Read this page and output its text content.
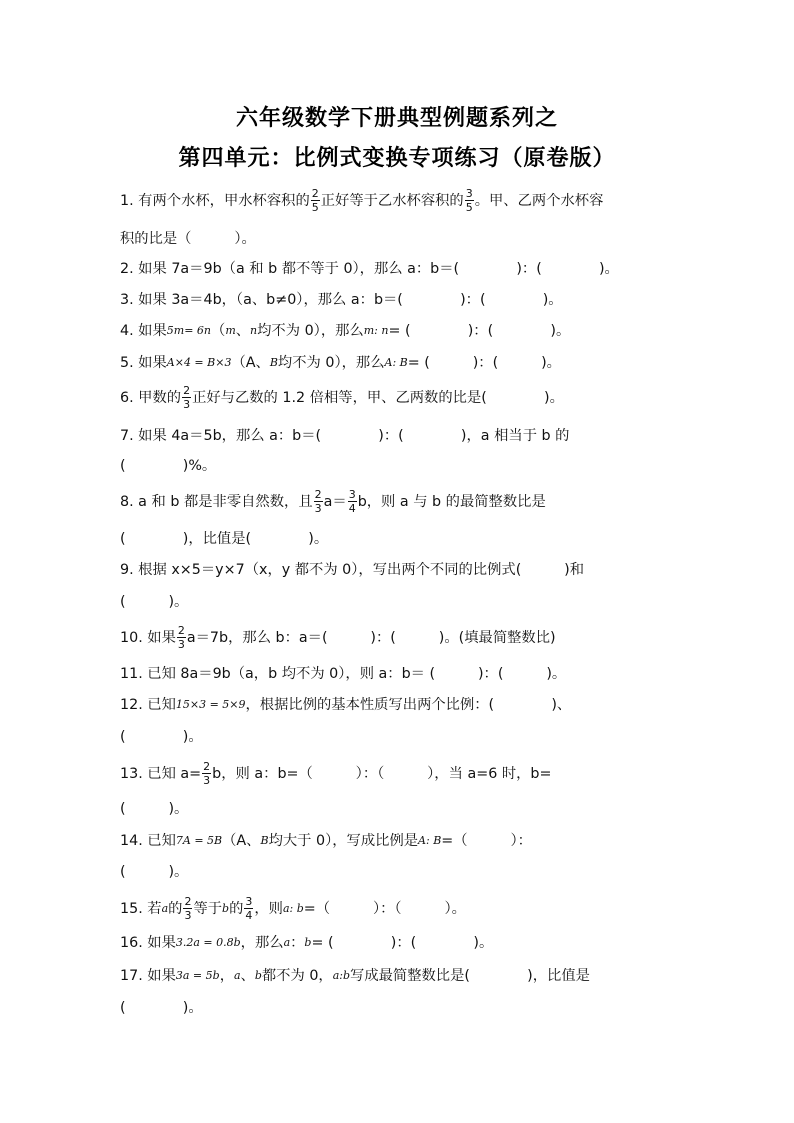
六年级数学下册典型例题系列之
第四单元：比例式变换专项练习（原卷版）
1. 有两个水杯，甲水杯容积的 $\frac{2}{5}$ 正好等于乙水杯容积的 $\frac{3}{5}$ 。甲、乙两个水杯容
积的比是（　　　）。
2. 如果 7a＝9b（a 和 b 都不等于 0），那么 a：b＝(　　　　)：(　　　　)。
3. 如果 3a＝4b，（a、b≠0），那么 a：b＝(　　　　)：(　　　　)。
4. 如果 5m= 6n （ m 、 n 均不为 0），那么 m: n = (　　　　)：(　　　　)。
5. 如果 A×4 = B×3 （A、 B 均不为 0），那么 A: B = (　　　)：(　　　)。
6. 甲数的 $\frac{2}{3}$ 正好与乙数的 1.2 倍相等，甲、乙两数的比是(　　　　)。
7. 如果 4a＝5b，那么 a：b＝(　　　　)：(　　　　)，a 相当于 b 的
(　　　　)%。
8. a 和 b 都是非零自然数，且 $\frac{2}{3} a= \frac{3}{4}$ b，则 a 与 b 的最简整数比是
(　　　　)，比值是(　　　　)。
9. 根据 x×5＝y×7（x，y 都不为 0），写出两个不同的比例式(　　　)和
(　　　)。
10. 如果 $\frac{2}{3} a=7b$，那么 b：a＝(　　　)：(　　　)。(填最简整数比)
11. 已知 8a＝9b（a，b 均不为 0），则 a：b＝ (　　　)：(　　　)。
12. 已知 15×3 = 5×9 ，根据比例的基本性质写出两个比例：(　　　　)、
(　　　　)。
13. 已知 $a= \frac{2}{3}$ b，则 a：b=（　　　）：（　　　），当 a=6 时，b=
(　　　)。
14. 已知 7A = 5B （A、 B 均大于 0），写成比例是 A: B =（　　　）：
(　　　)。
15. 若 a 的 $\frac{2}{3}$ 等于 b 的 $\frac{3}{4}$ ，则 a: b =（　　　）：（　　　）。
16. 如果 3.2a = 0.8b ，那么 a ： b = (　　　　)：(　　　　)。
17. 如果 3a = 5b ， a 、 b 都不为 0， a:b 写成最简整数比是(　　　　)，比值是
(　　　　)。
